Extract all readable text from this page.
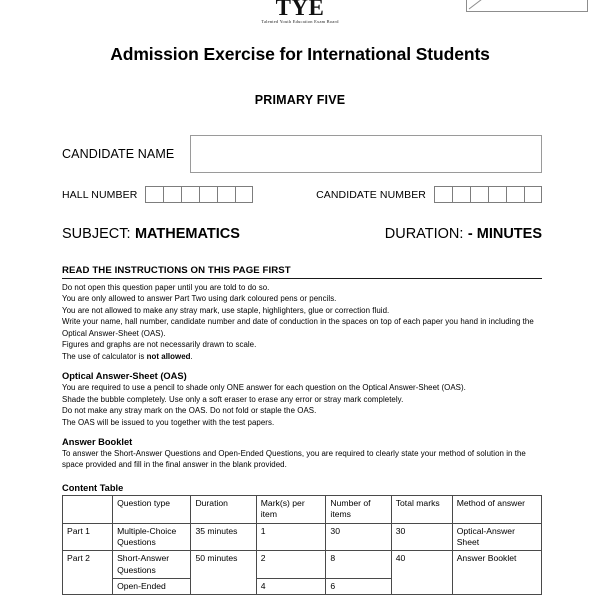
TYE
Talented Youth Education Exam Board
Admission Exercise for International Students
PRIMARY FIVE
CANDIDATE NAME
HALL NUMBER	CANDIDATE NUMBER
SUBJECT: MATHEMATICS	DURATION: - MINUTES
READ THE INSTRUCTIONS ON THIS PAGE FIRST
Do not open this question paper until you are told to do so.
You are only allowed to answer Part Two using dark coloured pens or pencils.
You are not allowed to make any stray mark, use staple, highlighters, glue or correction fluid.
Write your name, hall number, candidate number and date of conduction in the spaces on top of each paper you hand in including the Optical Answer-Sheet (OAS).
Figures and graphs are not necessarily drawn to scale.
The use of calculator is not allowed.
Optical Answer-Sheet (OAS)
You are required to use a pencil to shade only ONE answer for each question on the Optical Answer-Sheet (OAS).
Shade the bubble completely. Use only a soft eraser to erase any error or stray mark completely.
Do not make any stray mark on the OAS. Do not fold or staple the OAS.
The OAS will be issued to you together with the test papers.
Answer Booklet
To answer the Short-Answer Questions and Open-Ended Questions, you are required to clearly state your method of solution in the space provided and fill in the final answer in the blank provided.
Content Table
	Question type	Duration	Mark(s) per item	Number of items	Total marks	Method of answer
Part 1	Multiple-Choice Questions	35 minutes	1	30	30	Optical-Answer Sheet
Part 2	Short-Answer Questions	50 minutes	2	8	40	Answer Booklet
	Open-Ended		4	6		
